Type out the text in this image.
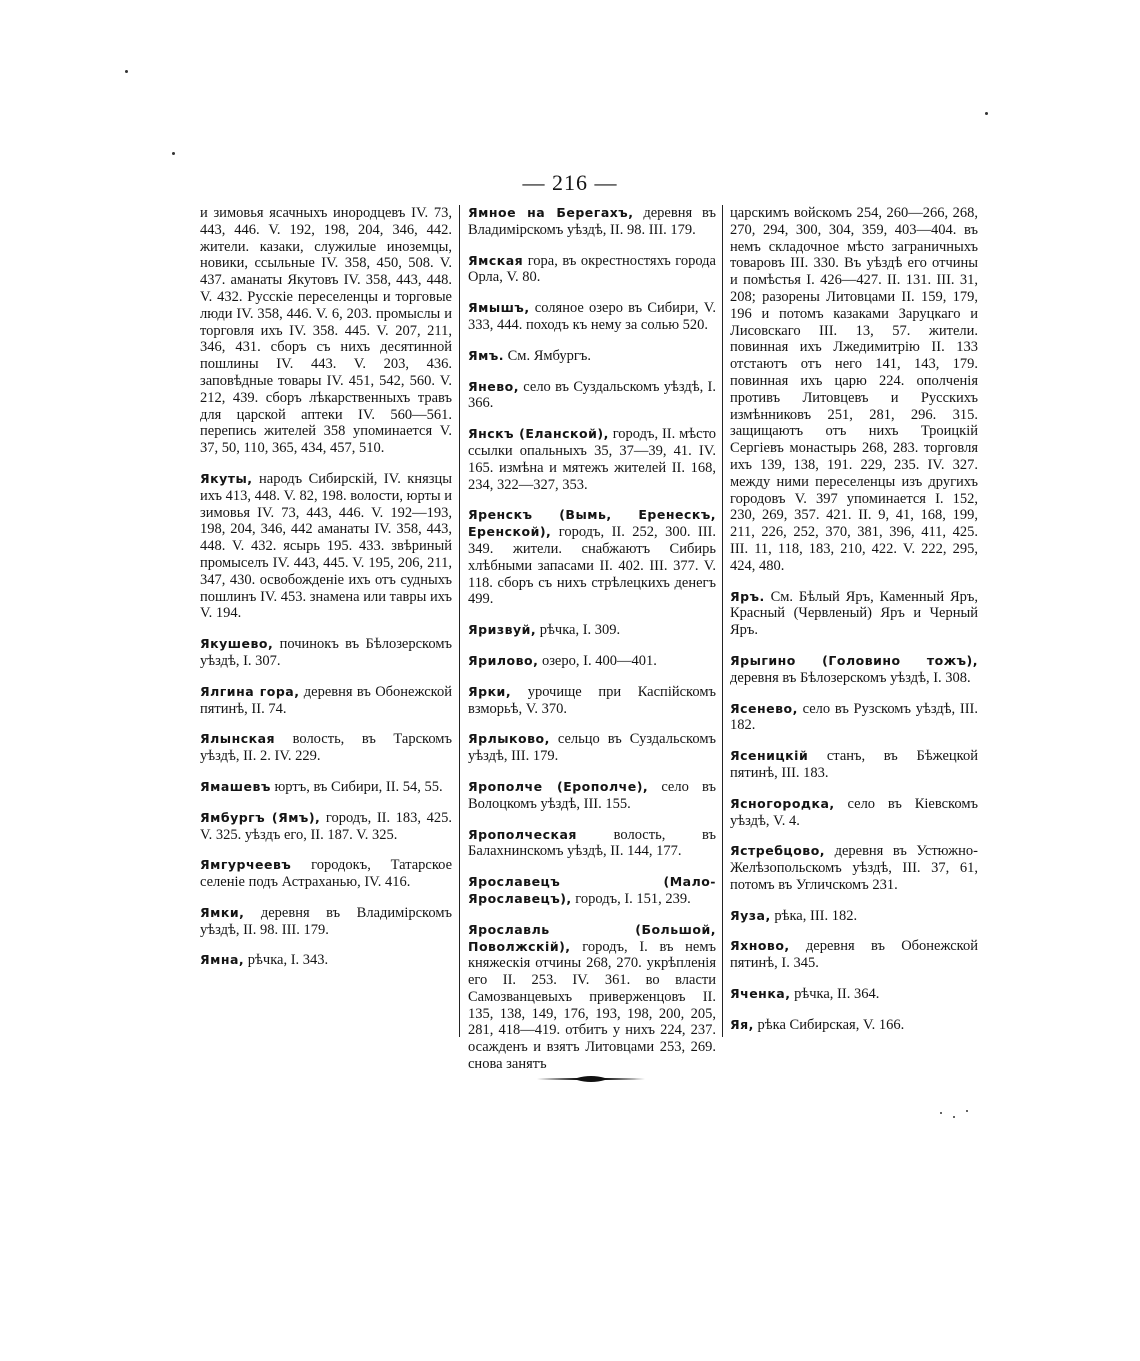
— 216 —

и зимовья ясачныхъ инородцевъ IV. 73, 443, 446. V. 192, 198, 204, 346, 442. жители. казаки, служилые иноземцы, новики, ссыльные IV. 358, 450, 508. V. 437. аманаты Якутовъ IV. 358, 443, 448. V. 432. Русскіе переселенцы и торговые люди IV. 358, 446. V. 6, 203. промыслы и торговля ихъ IV. 358. 445. V. 207, 211, 346, 431. сборъ съ нихъ десятинной пошлины IV. 443. V. 203, 436. заповѣдные товары IV. 451, 542, 560. V. 212, 439. сборъ лѣкарственныхъ травъ для царской аптеки IV. 560—561. перепись жителей 358 упоминается V. 37, 50, 110, 365, 434, 457, 510.

Якуты, народъ Сибирскій, IV. князцы ихъ 413, 448. V. 82, 198. волости, юрты и зимовья IV. 73, 443, 446. V. 192—193, 198, 204, 346, 442 аманаты IV. 358, 443, 448. V. 432. ясырь 195. 433. звѣриный промыселъ IV. 443, 445. V. 195, 206, 211, 347, 430. освобожденіе ихъ отъ судныхъ пошлинъ IV. 453. знамена или тавры ихъ V. 194.

Якушево, починокъ въ Бѣлозерскомъ уѣздѣ, I. 307.

Ялгина гора, деревня въ Обонежской пятинѣ, II. 74.

Ялынская волость, въ Тарскомъ уѣздѣ, II. 2. IV. 229.

Ямашевъ юртъ, въ Сибири, II. 54, 55.

Ямбургъ (Ямъ), городъ, II. 183, 425. V. 325. уѣздъ его, II. 187. V. 325.

Ямгурчеевъ городокъ, Татарское селеніе подъ Астраханью, IV. 416.

Ямки, деревня въ Владимірскомъ уѣздѣ, II. 98. III. 179.

Ямна, рѣчка, I. 343.

Ямное на Берегахъ, деревня въ Владимірскомъ уѣздѣ, II. 98. III. 179.

Ямская гора, въ окрестностяхъ города Орла, V. 80.

Ямышъ, соляное озеро въ Сибири, V. 333, 444. походъ къ нему за солью 520.

Ямъ. См. Ямбургъ.

Янево, село въ Суздальскомъ уѣздѣ, I. 366.

Янскъ (Еланской), городъ, II. мѣсто ссылки опальныхъ 35, 37—39, 41. IV. 165. измѣна и мятежъ жителей II. 168, 234, 322—327, 353.

Яренскъ (Вымь, Еренескъ, Еренской), городъ, II. 252, 300. III. 349. жители. снабжаютъ Сибирь хлѣбными запасами II. 402. III. 377. V. 118. сборъ съ нихъ стрѣлецкихъ денегъ 499.

Яризвуй, рѣчка, I. 309.

Ярилово, озеро, I. 400—401.

Ярки, урочище при Каспійскомъ взморьѣ, V. 370.

Ярлыково, сельцо въ Суздальскомъ уѣздѣ, III. 179.

Ярополче (Ерополче), село въ Волоцкомъ уѣздѣ, III. 155.

Ярополческая волость, въ Балахнинскомъ уѣздѣ, II. 144, 177.

Ярославецъ (Мало-Ярославецъ), городъ, I. 151, 239.

Ярославль (Большой, Поволжскій), городъ, I. въ немъ княжескія отчины 268, 270. укрѣпленія его II. 253. IV. 361. во власти Самозванцевыхъ приверженцовъ II. 135, 138, 149, 176, 193, 198, 200, 205, 281, 418—419. отбитъ у нихъ 224, 237. осажденъ и взятъ Литовцами 253, 269. снова занятъ

царскимъ войскомъ 254, 260—266, 268, 270, 294, 300, 304, 359, 403—404. въ немъ складочное мѣсто заграничныхъ товаровъ III. 330. Въ уѣздѣ его отчины и помѣстья I. 426—427. II. 131. III. 31, 208; разорены Литовцами II. 159, 179, 196 и потомъ казаками Заруцкаго и Лисовскаго III. 13, 57. жители. повинная ихъ Лжедимитрію II. 133 отстаютъ отъ него 141, 143, 179. повинная ихъ царю 224. ополченія противъ Литовцевъ и Русскихъ измѣнниковъ 251, 281, 296. 315. защищаютъ отъ нихъ Троицкій Сергіевъ монастырь 268, 283. торговля ихъ 139, 138, 191. 229, 235. IV. 327. между ними переселенцы изъ другихъ городовъ V. 397 упоминается I. 152, 230, 269, 357. 421. II. 9, 41, 168, 199, 211, 226, 252, 370, 381, 396, 411, 425. III. 11, 118, 183, 210, 422. V. 222, 295, 424, 480.

Яръ. См. Бѣлый Яръ, Каменный Яръ, Красный (Червленый) Яръ и Черный Яръ.

Ярыгино (Головино тожъ), деревня въ Бѣлозерскомъ уѣздѣ, I. 308.

Ясенево, село въ Рузскомъ уѣздѣ, III. 182.

Ясеницкій станъ, въ Бѣжецкой пятинѣ, III. 183.

Ясногородка, село въ Кіевскомъ уѣздѣ, V. 4.

Ястребцово, деревня въ Устюжно-Желѣзопольскомъ уѣздѣ, III. 37, 61, потомъ въ Угличскомъ 231.

Яуза, рѣка, III. 182.

Яхново, деревня въ Обонежской пятинѣ, I. 345.

Яченка, рѣчка, II. 364.

Яя, рѣка Сибирская, V. 166.
